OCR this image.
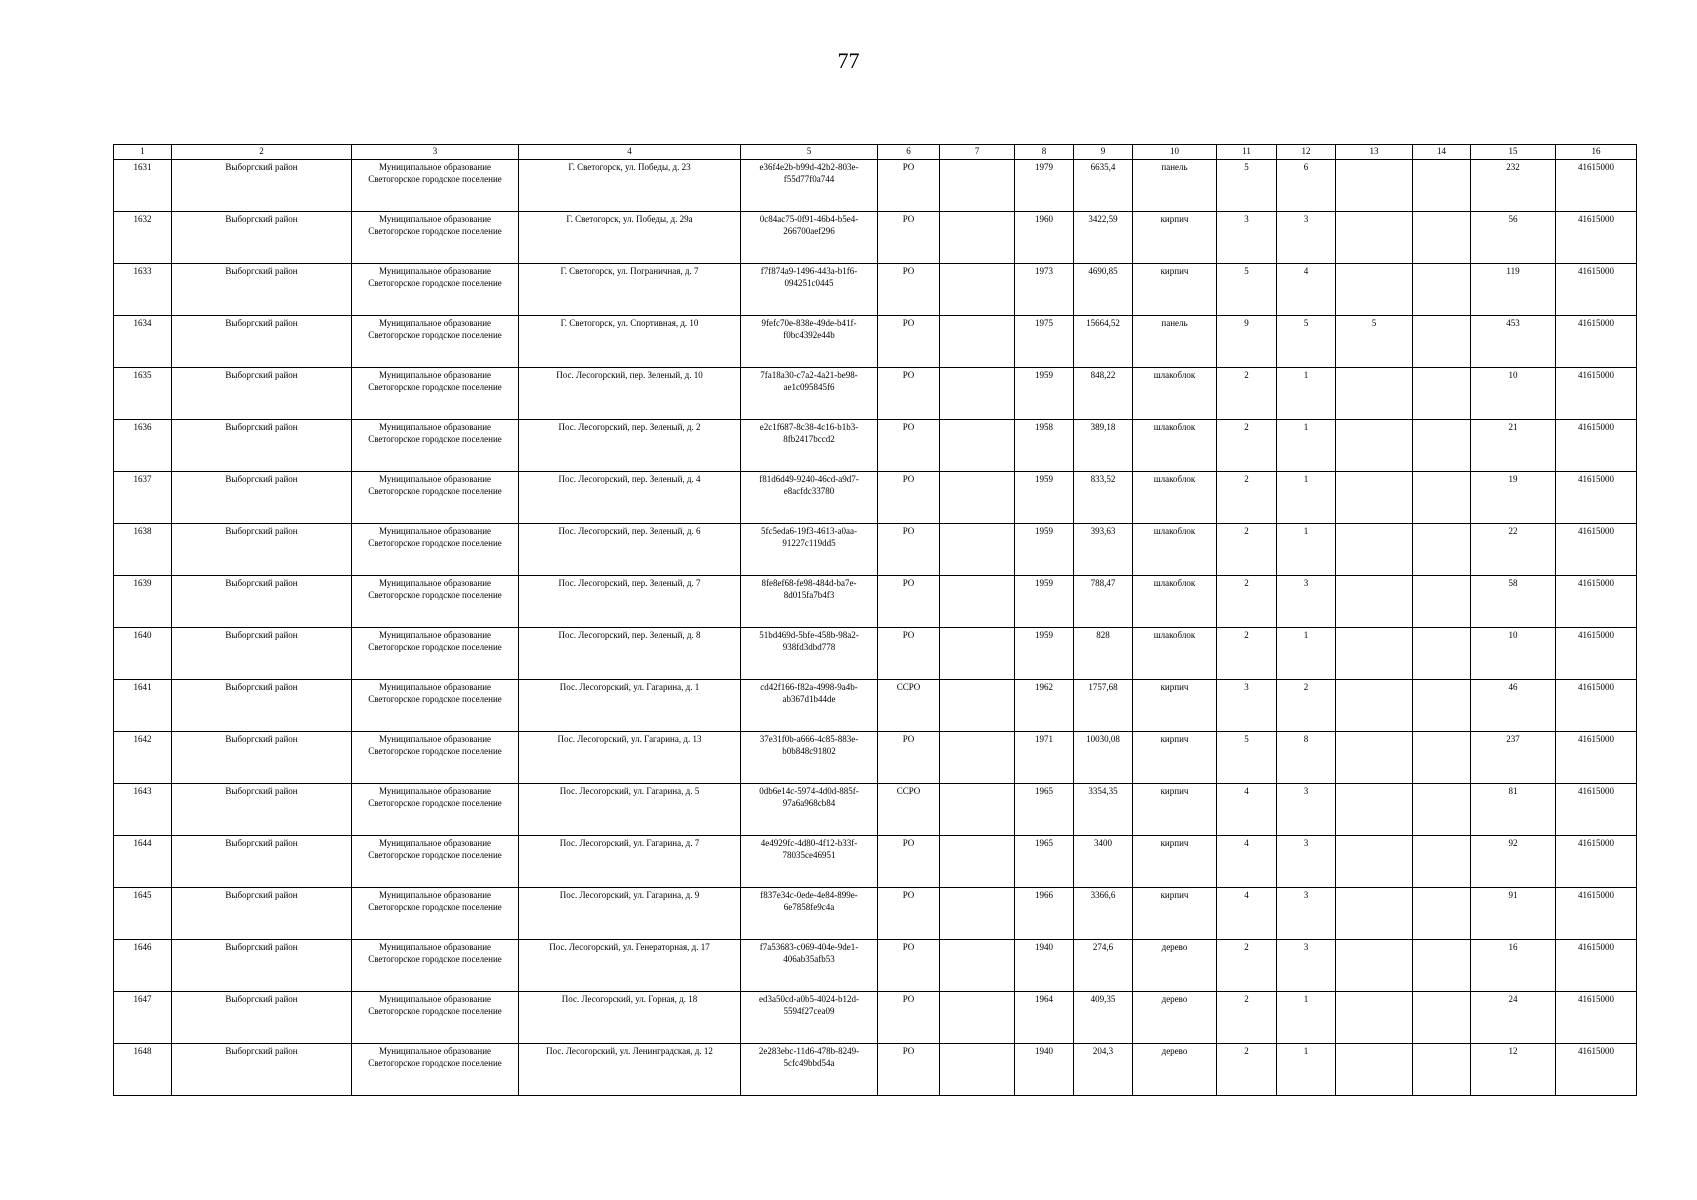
77
1	2	3	4	5	6	7	8	9	10	11	12	13	14	15	16
1631	Выборгский район	Муниципальное образование Светогорское городское поселение	Г. Светогорск, ул. Победы, д. 23	e36f4e2b-b99d-42b2-803e-f55d77f0a744	РО		1979	6635,4	панель	5	6			232	41615000
1632	Выборгский район	Муниципальное образование Светогорское городское поселение	Г. Светогорск, ул. Победы, д. 29а	0c84ac75-0f91-46b4-b5e4-266700aef296	РО		1960	3422,59	кирпич	3	3			56	41615000
1633	Выборгский район	Муниципальное образование Светогорское городское поселение	Г. Светогорск, ул. Пограничная, д. 7	f7f874a9-1496-443a-b1f6-094251c0445	РО		1973	4690,85	кирпич	5	4			119	41615000
1634	Выборгский район	Муниципальное образование Светогорское городское поселение	Г. Светогорск, ул. Спортивная, д. 10	9fefc70e-838e-49de-b41f-f0bc4392e44b	РО		1975	15664,52	панель	9	5	5		453	41615000
1635	Выборгский район	Муниципальное образование Светогорское городское поселение	Пос. Лесогорский, пер. Зеленый, д. 10	7fa18a30-c7a2-4a21-be98-ae1c095845f6	РО		1959	848,22	шлакоблок	2	1			10	41615000
1636	Выборгский район	Муниципальное образование Светогорское городское поселение	Пос. Лесогорский, пер. Зеленый, д. 2	e2c1f687-8c38-4c16-b1b3-8fb2417bccd2	РО		1958	389,18	шлакоблок	2	1			21	41615000
1637	Выборгский район	Муниципальное образование Светогорское городское поселение	Пос. Лесогорский, пер. Зеленый, д. 4	f81d6d49-9240-46cd-a9d7-e8acfdc33780	РО		1959	833,52	шлакоблок	2	1			19	41615000
1638	Выборгский район	Муниципальное образование Светогорское городское поселение	Пос. Лесогорский, пер. Зеленый, д. 6	5fc5eda6-19f3-4613-a0aa-91227c119dd5	РО		1959	393,63	шлакоблок	2	1			22	41615000
1639	Выборгский район	Муниципальное образование Светогорское городское поселение	Пос. Лесогорский, пер. Зеленый, д. 7	8fe8ef68-fe98-484d-ba7e-8d015fa7b4f3	РО		1959	788,47	шлакоблок	2	3			58	41615000
1640	Выборгский район	Муниципальное образование Светогорское городское поселение	Пос. Лесогорский, пер. Зеленый, д. 8	51bd469d-5bfe-458b-98a2-938fd3dbd778	РО		1959	828	шлакоблок	2	1			10	41615000
1641	Выборгский район	Муниципальное образование Светогорское городское поселение	Пос. Лесогорский, ул. Гагарина, д. 1	cd42f166-f82a-4998-9a4b-ab367d1b44de	ССРО		1962	1757,68	кирпич	3	2			46	41615000
1642	Выборгский район	Муниципальное образование Светогорское городское поселение	Пос. Лесогорский, ул. Гагарина, д. 13	37e31f0b-a666-4c85-883e-b0b848c91802	РО		1971	10030,08	кирпич	5	8			237	41615000
1643	Выборгский район	Муниципальное образование Светогорское городское поселение	Пос. Лесогорский, ул. Гагарина, д. 5	0db6e14c-5974-4d0d-885f-97a6a968cb84	ССРО		1965	3354,35	кирпич	4	3			81	41615000
1644	Выборгский район	Муниципальное образование Светогорское городское поселение	Пос. Лесогорский, ул. Гагарина, д. 7	4e4929fc-4d80-4f12-b33f-78035ce46951	РО		1965	3400	кирпич	4	3			92	41615000
1645	Выборгский район	Муниципальное образование Светогорское городское поселение	Пос. Лесогорский, ул. Гагарина, д. 9	f837e34c-0ede-4e84-899e-6e7858fe9c4a	РО		1966	3366,6	кирпич	4	3			91	41615000
1646	Выборгский район	Муниципальное образование Светогорское городское поселение	Пос. Лесогорский, ул. Генераторная, д. 17	f7a53683-c069-404e-9de1-406ab35afb53	РО		1940	274,6	дерево	2	3			16	41615000
1647	Выборгский район	Муниципальное образование Светогорское городское поселение	Пос. Лесогорский, ул. Горная, д. 18	ed3a50cd-a0b5-4024-b12d-5594f27cea09	РО		1964	409,35	дерево	2	1			24	41615000
1648	Выборгский район	Муниципальное образование Светогорское городское поселение	Пос. Лесогорский, ул. Ленинградская, д. 12	2e283ebc-11d6-478b-8249-5cfc49bbd54a	РО		1940	204,3	дерево	2	1			12	41615000
